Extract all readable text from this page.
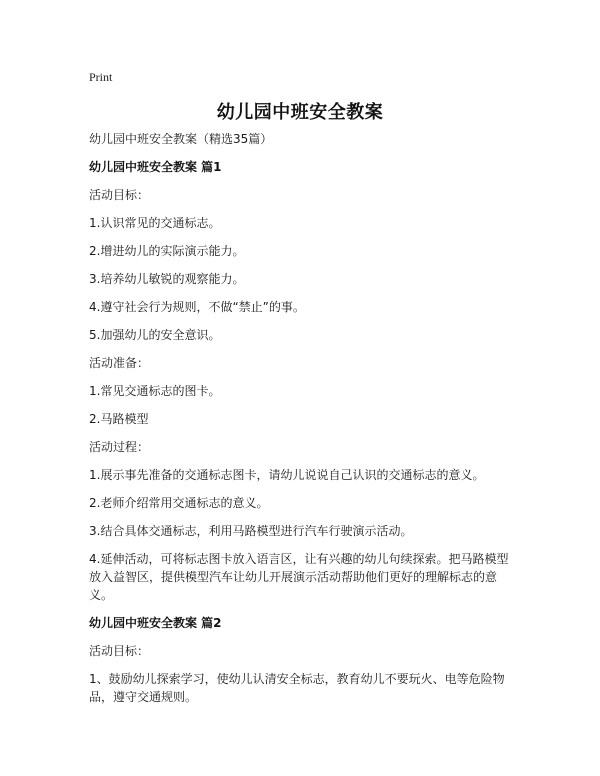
Print
幼儿园中班安全教案

幼儿园中班安全教案（精选35篇）

幼儿园中班安全教案 篇1

活动目标：

1.认识常见的交通标志。

2.增进幼儿的实际演示能力。

3.培养幼儿敏锐的观察能力。

4.遵守社会行为规则，不做“禁止”的事。

5.加强幼儿的安全意识。

活动准备：

1.常见交通标志的图卡。

2.马路模型

活动过程：

1.展示事先准备的交通标志图卡，请幼儿说说自己认识的交通标志的意义。

2.老师介绍常用交通标志的意义。

3.结合具体交通标志，利用马路模型进行汽车行驶演示活动。

4.延伸活动，可将标志图卡放入语言区，让有兴趣的幼儿句续探索。把马路模型放入益智区，提供模型汽车让幼儿开展演示活动帮助他们更好的理解标志的意义。

幼儿园中班安全教案 篇2

活动目标：

1、鼓励幼儿探索学习，使幼儿认清安全标志，教育幼儿不要玩火、电等危险物品，遵守交通规则。
